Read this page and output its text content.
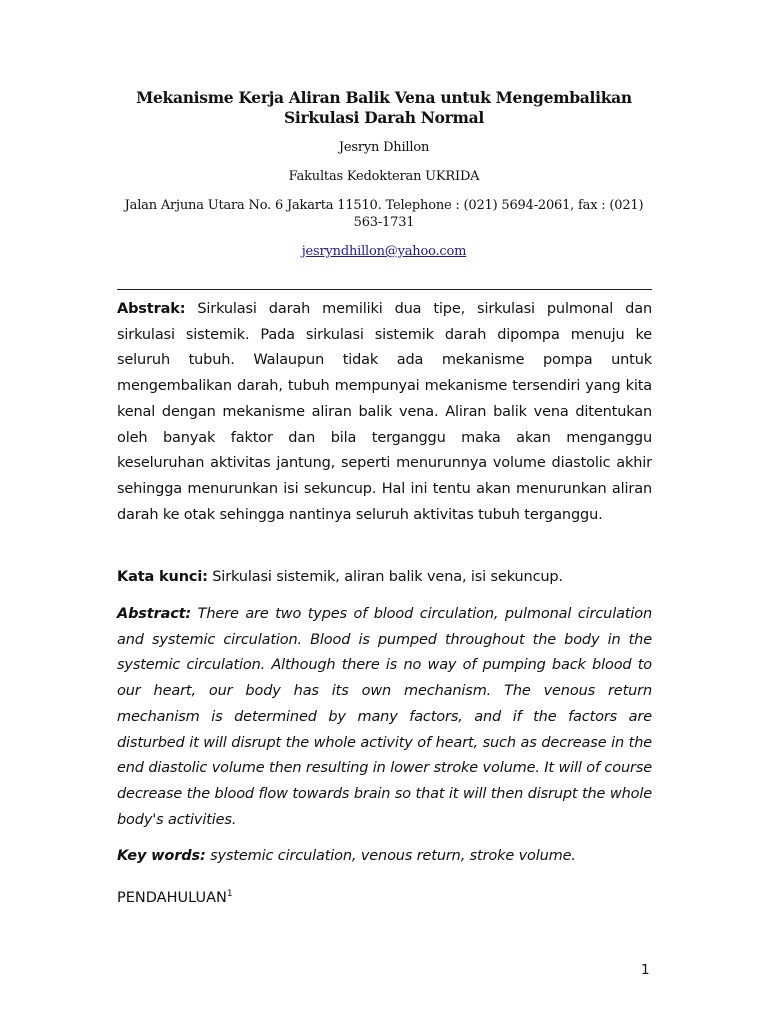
Mekanisme Kerja Aliran Balik Vena untuk Mengembalikan Sirkulasi Darah Normal
Jesryn Dhillon
Fakultas Kedokteran UKRIDA
Jalan Arjuna Utara No. 6 Jakarta 11510. Telephone : (021) 5694-2061, fax : (021) 563-1731
jesryndhillon@yahoo.com

Abstrak: Sirkulasi darah memiliki dua tipe, sirkulasi pulmonal dan sirkulasi sistemik. Pada sirkulasi sistemik darah dipompa menuju ke seluruh tubuh. Walaupun tidak ada mekanisme pompa untuk mengembalikan darah, tubuh mempunyai mekanisme tersendiri yang kita kenal dengan mekanisme aliran balik vena. Aliran balik vena ditentukan oleh banyak faktor dan bila terganggu maka akan menganggu keseluruhan aktivitas jantung, seperti menurunnya volume diastolic akhir sehingga menurunkan isi sekuncup. Hal ini tentu akan menurunkan aliran darah ke otak sehingga nantinya seluruh aktivitas tubuh terganggu.

Kata kunci: Sirkulasi sistemik, aliran balik vena, isi sekuncup.

Abstract: There are two types of blood circulation, pulmonal circulation and systemic circulation. Blood is pumped throughout the body in the systemic circulation. Although there is no way of pumping back blood to our heart, our body has its own mechanism. The venous return mechanism is determined by many factors, and if the factors are disturbed it will disrupt the whole activity of heart, such as decrease in the end diastolic volume then resulting in lower stroke volume. It will of course decrease the blood flow towards brain so that it will then disrupt the whole body's activities.

Key words: systemic circulation, venous return, stroke volume.

PENDAHULUAN$^1$
1
